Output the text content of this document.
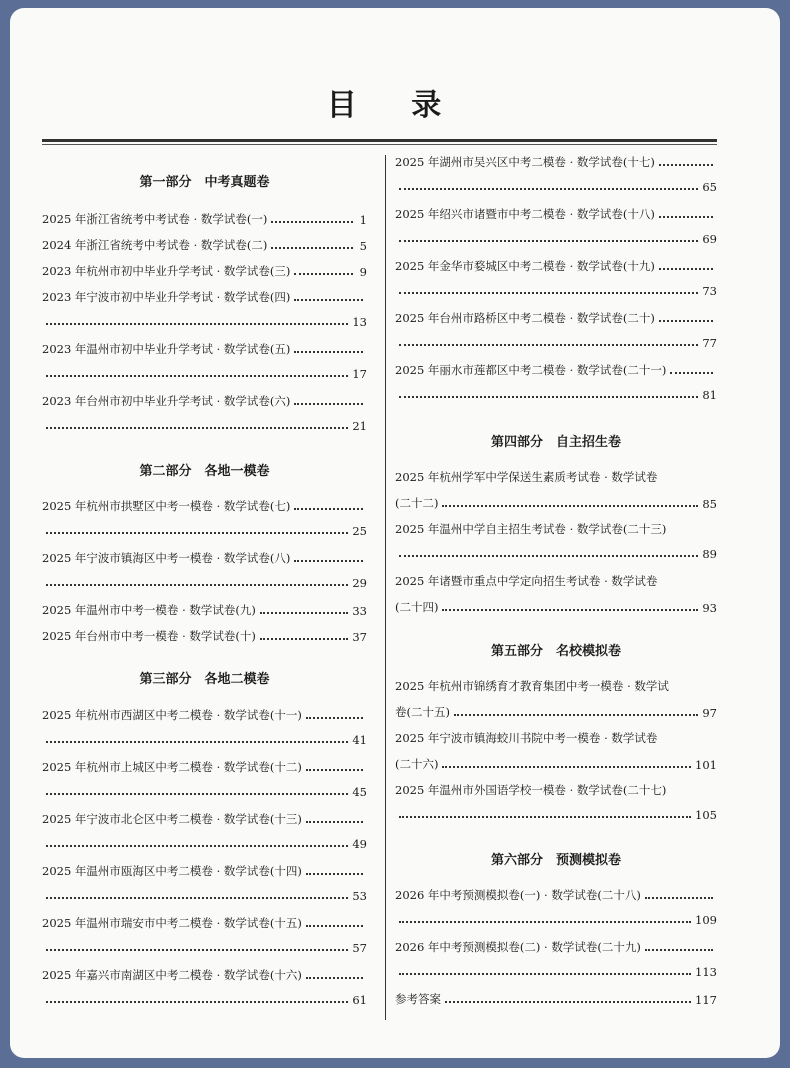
目 录
第一部分　中考真题卷
2025 年浙江省统考中考试卷 · 数学试卷(一)	1
2024 年浙江省统考中考试卷 · 数学试卷(二)	5
2023 年杭州市初中毕业升学考试 · 数学试卷(三)	9
2023 年宁波市初中毕业升学考试 · 数学试卷(四)
13
2023 年温州市初中毕业升学考试 · 数学试卷(五)
17
2023 年台州市初中毕业升学考试 · 数学试卷(六)
21
第二部分　各地一模卷
2025 年杭州市拱墅区中考一模卷 · 数学试卷(七)
25
2025 年宁波市镇海区中考一模卷 · 数学试卷(八)
29
2025 年温州市中考一模卷 · 数学试卷(九)	33
2025 年台州市中考一模卷 · 数学试卷(十)	37
第三部分　各地二模卷
2025 年杭州市西湖区中考二模卷 · 数学试卷(十一)
41
2025 年杭州市上城区中考二模卷 · 数学试卷(十二)
45
2025 年宁波市北仑区中考二模卷 · 数学试卷(十三)
49
2025 年温州市瓯海区中考二模卷 · 数学试卷(十四)
53
2025 年温州市瑞安市中考二模卷 · 数学试卷(十五)
57
2025 年嘉兴市南湖区中考二模卷 · 数学试卷(十六)
61
2025 年湖州市吴兴区中考二模卷 · 数学试卷(十七)
65
2025 年绍兴市诸暨市中考二模卷 · 数学试卷(十八)
69
2025 年金华市婺城区中考二模卷 · 数学试卷(十九)
73
2025 年台州市路桥区中考二模卷 · 数学试卷(二十)
77
2025 年丽水市莲都区中考二模卷 · 数学试卷(二十一)
81
第四部分　自主招生卷
2025 年杭州学军中学保送生素质考试卷 · 数学试卷
(二十二)	85
2025 年温州中学自主招生考试卷 · 数学试卷(二十三)
89
2025 年诸暨市重点中学定向招生考试卷 · 数学试卷
(二十四)	93
第五部分　名校模拟卷
2025 年杭州市锦绣育才教育集团中考一模卷 · 数学试
卷(二十五)	97
2025 年宁波市镇海蛟川书院中考一模卷 · 数学试卷
(二十六)	101
2025 年温州市外国语学校一模卷 · 数学试卷(二十七)
105
第六部分　预测模拟卷
2026 年中考预测模拟卷(一) · 数学试卷(二十八)
109
2026 年中考预测模拟卷(二) · 数学试卷(二十九)
113
参考答案	117
